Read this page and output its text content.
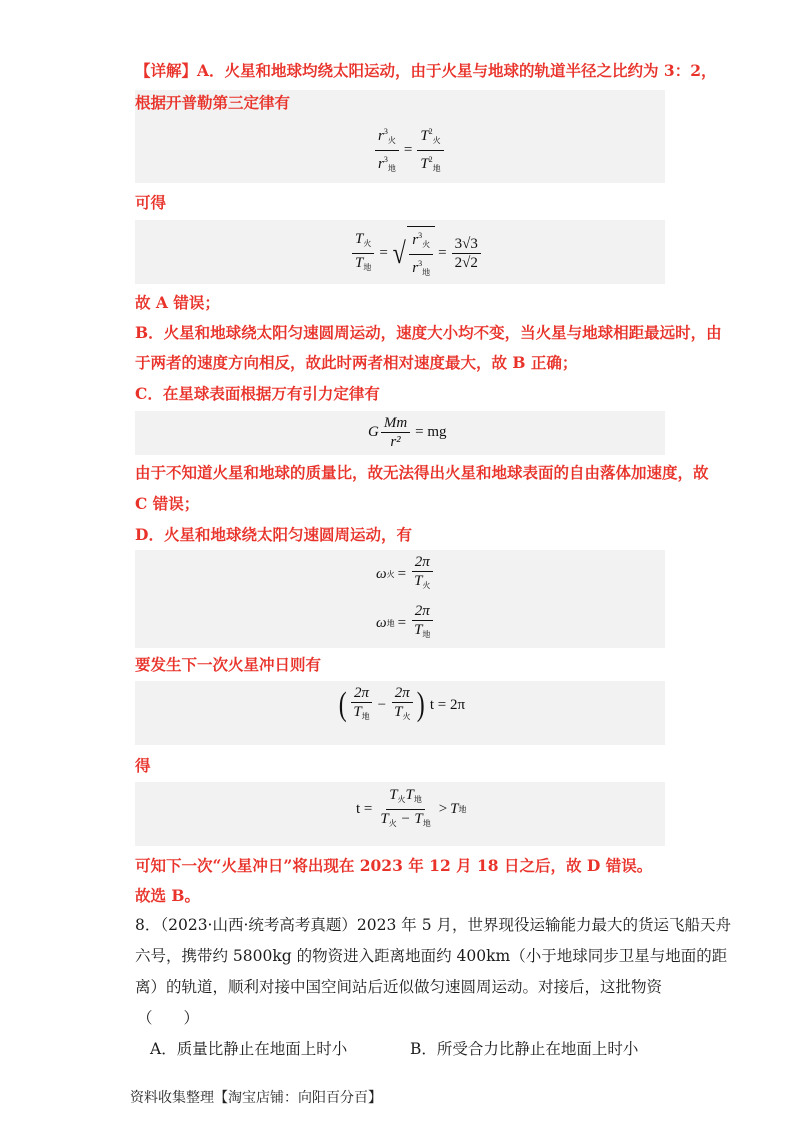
【详解】A．火星和地球均绕太阳运动，由于火星与地球的轨道半径之比约为 3：2，
根据开普勒第三定律有
$\frac{r^3_火}{r^3_地} = \frac{T^2_火}{T^2_地}$
可得
$\frac{T_火}{T_地}$ = √ $\frac{r^3_火}{r^3_地} = \frac{3√3}{2√2}$
故 A 错误；
B．火星和地球绕太阳匀速圆周运动，速度大小均不变，当火星与地球相距最远时，由
于两者的速度方向相反，故此时两者相对速度最大，故 B 正确；
C．在星球表面根据万有引力定律有
G $\frac{Mm}{\text{r²}}$ = mg
由于不知道火星和地球的质量比，故无法得出火星和地球表面的自由落体加速度，故
C 错误；
D．火星和地球绕太阳匀速圆周运动，有
ω 火 = $\frac{2\pi}{T_火}$
ω 地 = $\frac{2\pi}{T_地}$
要发生下一次火星冲日则有
( $\frac{2\pi}{T_地} - \frac{2\pi}{T_火}$ ) t = 2π
得
$t = \frac{T_火T_地}{T_火 - T_地} > T$ 地
可知下一次“火星冲日”将出现在 2023 年 12 月 18 日之后，故 D 错误。
故选 B。
8．（2023·山西·统考高考真题）2023 年 5 月，世界现役运输能力最大的货运飞船天舟
六号，携带约 5800kg 的物资进入距离地面约 400km（小于地球同步卫星与地面的距
离）的轨道，顺利对接中国空间站后近似做匀速圆周运动。对接后，这批物资
（　　）
A．质量比静止在地面上时小	B．所受合力比静止在地面上时小
资料收集整理【淘宝店铺：向阳百分百】
